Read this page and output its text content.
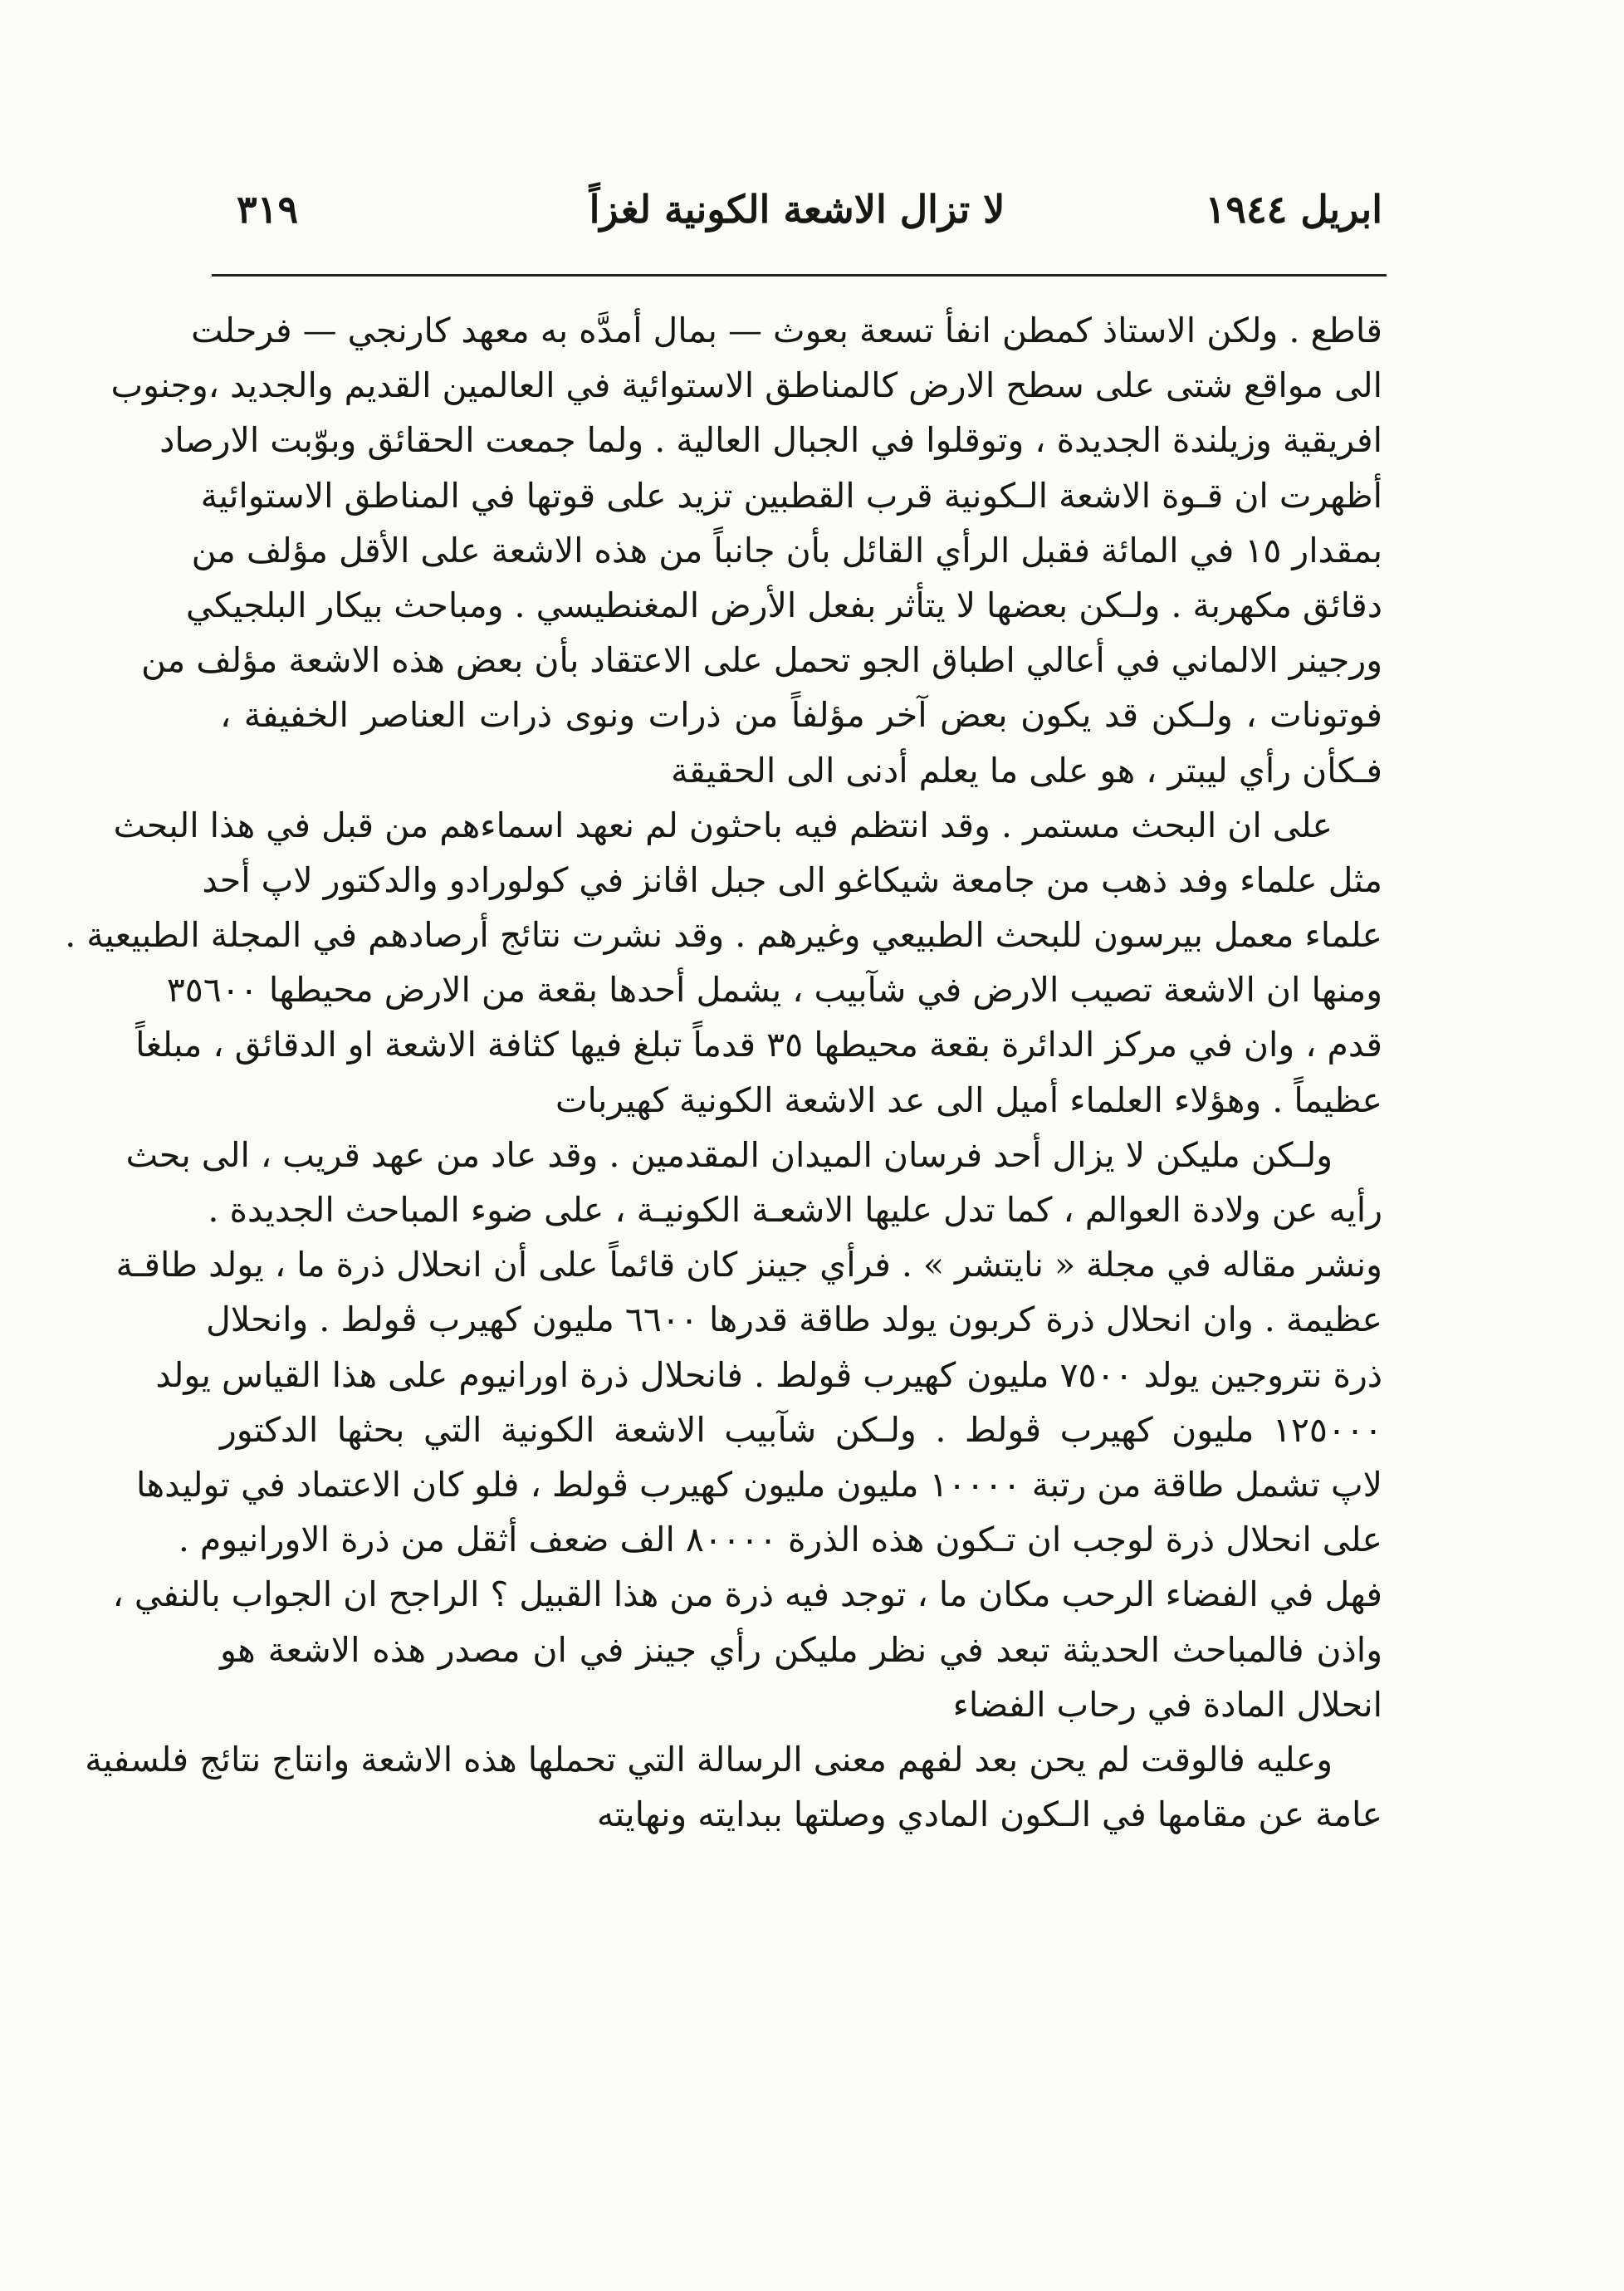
ابريل ١٩٤٤
لا تزال الاشعة الكونية لغزاً
٣١٩
قاطع . ولكن الاستاذ كمطن انفأ تسعة بعوث — بمال أمدَّه به معهد كارنجي — فرحلت
الى مواقع شتى على سطح الارض كالمناطق الاستوائية في العالمين القديم والجديد ،وجنوب
افريقية وزيلندة الجديدة ، وتوقلوا في الجبال العالية . ولما جمعت الحقائق وبوّبت الارصاد
أظهرت ان قـوة الاشعة الـكونية قرب القطبين تزيد على قوتها في المناطق الاستوائية
بمقدار ١٥ في المائة فقبل الرأي القائل بأن جانباً من هذه الاشعة على الأقل مؤلف من
دقائق مكهربة . ولـكن بعضها لا يتأثر بفعل الأرض المغنطيسي . ومباحث بيكار البلجيكي
ورجينر الالماني في أعالي اطباق الجو تحمل على الاعتقاد بأن بعض هذه الاشعة مؤلف من
فوتونات ، ولـكن قد يكون بعض آخر مؤلفاً من ذرات ونوى ذرات العناصر الخفيفة ،
فـكأن رأي ليبتر ، هو على ما يعلم أدنى الى الحقيقة
على ان البحث مستمر . وقد انتظم فيه باحثون لم نعهد اسماءهم من قبل في هذا البحث
مثل علماء وفد ذهب من جامعة شيكاغو الى جبل اڤانز في كولورادو والدكتور لاپ أحد
علماء معمل بيرسون للبحث الطبيعي وغيرهم . وقد نشرت نتائج أرصادهم في المجلة الطبيعية .
ومنها ان الاشعة تصيب الارض في شآبيب ، يشمل أحدها بقعة من الارض محيطها ٣٥٦٠٠
قدم ، وان في مركز الدائرة بقعة محيطها ٣٥ قدماً تبلغ فيها كثافة الاشعة او الدقائق ، مبلغاً
عظيماً . وهؤلاء العلماء أميل الى عد الاشعة الكونية كهيربات
ولـكن مليكن لا يزال أحد فرسان الميدان المقدمين . وقد عاد من عهد قريب ، الى بحث
رأيه عن ولادة العوالم ، كما تدل عليها الاشعـة الكونيـة ، على ضوء المباحث الجديدة .
ونشر مقاله في مجلة « نايتشر » . فرأي جينز كان قائماً على أن انحلال ذرة ما ، يولد طاقـة
عظيمة . وان انحلال ذرة كربون يولد طاقة قدرها ٦٦٠٠ مليون كهيرب ڤولط . وانحلال
ذرة نتروجين يولد ٧٥٠٠ مليون كهيرب ڤولط . فانحلال ذرة اورانيوم على هذا القياس يولد
١٢٥٠٠٠ مليون كهيرب ڤولط . ولـكن شآبيب الاشعة الكونية التي بحثها الدكتور
لاپ تشمل طاقة من رتبة ١٠٠٠٠ مليون مليون كهيرب ڤولط ، فلو كان الاعتماد في توليدها
على انحلال ذرة لوجب ان تـكون هذه الذرة ٨٠٠٠٠ الف ضعف أثقل من ذرة الاورانيوم .
فهل في الفضاء الرحب مكان ما ، توجد فيه ذرة من هذا القبيل ؟ الراجح ان الجواب بالنفي ،
واذن فالمباحث الحديثة تبعد في نظر مليكن رأي جينز في ان مصدر هذه الاشعة هو
انحلال المادة في رحاب الفضاء
وعليه فالوقت لم يحن بعد لفهم معنى الرسالة التي تحملها هذه الاشعة وانتاج نتائج فلسفية
عامة عن مقامها في الـكون المادي وصلتها ببدايته ونهايته
